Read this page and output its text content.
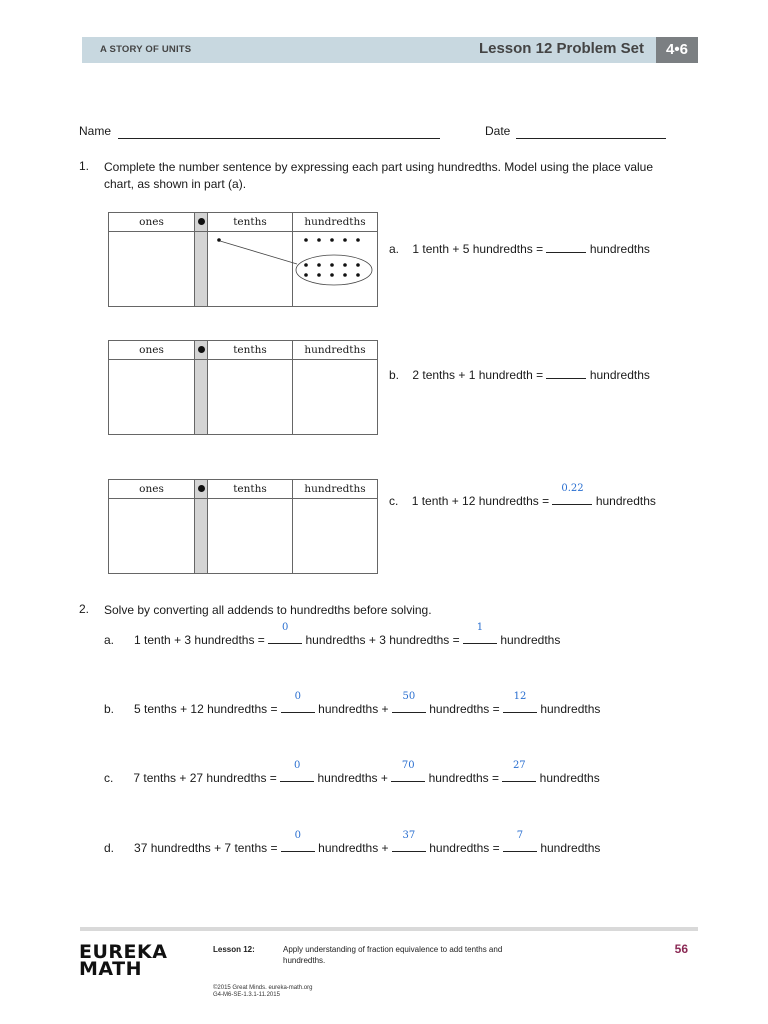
A STORY OF UNITS	Lesson 12 Problem Set	4•6
Name	Date
1. Complete the number sentence by expressing each part using hundredths. Model using the place value
chart, as shown in part (a).
ones	tenths	hundredths
a. 1 tenth + 5 hundredths =	hundredths
ones	tenths	hundredths
b. 2 tenths + 1 hundredth =	hundredths
ones	tenths	hundredths
c. 1 tenth + 12 hundredths =
0.22
hundredths
2. Solve by converting all addends to hundredths before solving.
a. 1 tenth + 3 hundredths =
0
hundredths + 3 hundredths =
1
hundredths
b. 5 tenths + 12 hundredths =
0
hundredths +
50
hundredths =
12
hundredths
c. 7 tenths + 27 hundredths =
0
hundredths +
70
hundredths =
27
hundredths
d. 37 hundredths + 7 tenths =
0
hundredths +
37
hundredths =
7
hundredths
EUREKA
MATH
Lesson 12:	Apply understanding of fraction equivalence to add tenths and
hundredths.
©2015 Great Minds. eureka-math.org
G4-M6-SE-1.3.1-11.2015
56
